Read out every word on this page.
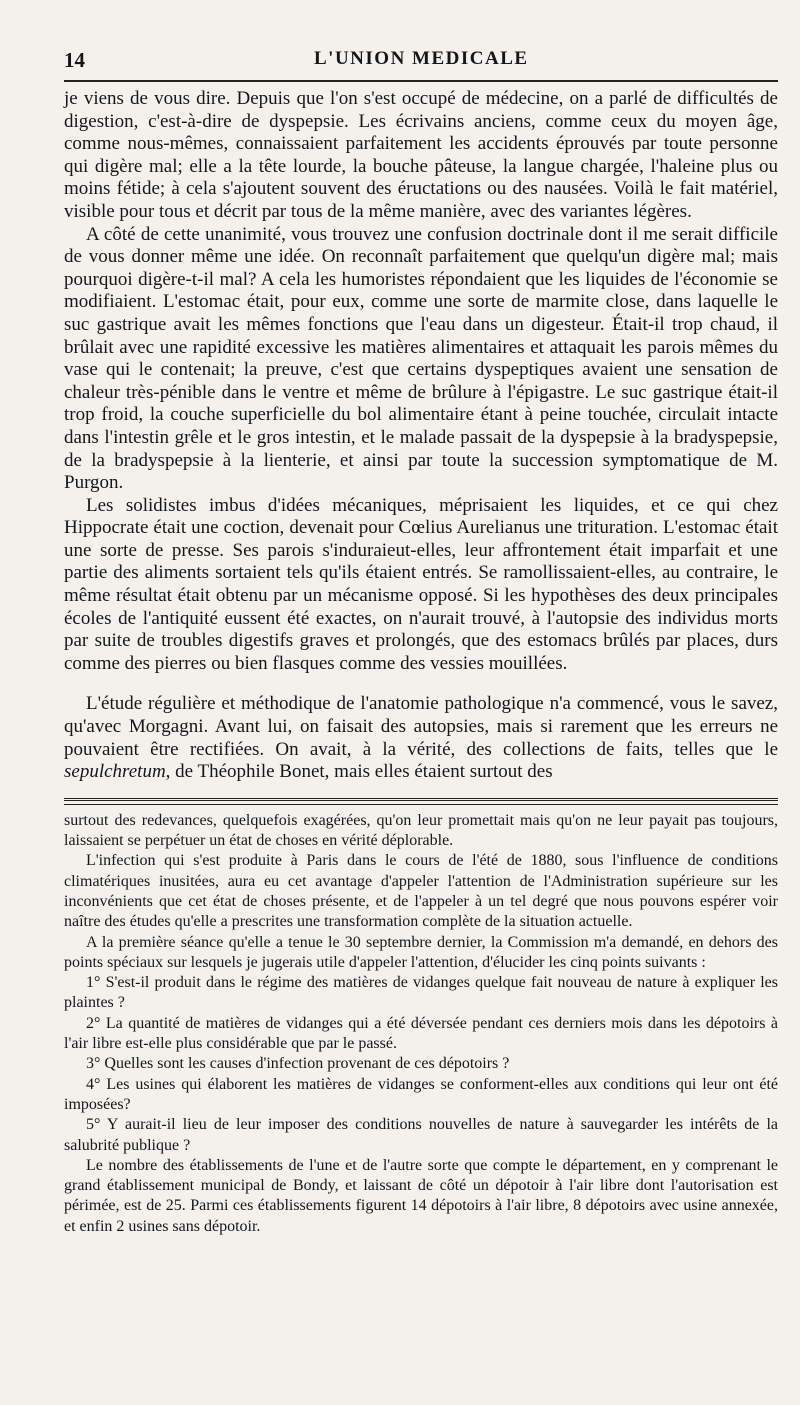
14	L'UNION MEDICALE

je viens de vous dire. Depuis que l'on s'est occupé de médecine, on a parlé de difficultés de digestion, c'est-à-dire de dyspepsie. Les écrivains anciens, comme ceux du moyen âge, comme nous-mêmes, connaissaient parfaitement les accidents éprouvés par toute personne qui digère mal; elle a la tête lourde, la bouche pâteuse, la langue chargée, l'haleine plus ou moins fétide; à cela s'ajoutent souvent des éructations ou des nausées. Voilà le fait matériel, visible pour tous et décrit par tous de la même manière, avec des variantes légères.

A côté de cette unanimité, vous trouvez une confusion doctrinale dont il me serait difficile de vous donner même une idée. On reconnaît parfaitement que quelqu'un digère mal; mais pourquoi digère-t-il mal? A cela les humoristes répondaient que les liquides de l'économie se modifiaient. L'estomac était, pour eux, comme une sorte de marmite close, dans laquelle le suc gastrique avait les mêmes fonctions que l'eau dans un digesteur. Était-il trop chaud, il brûlait avec une rapidité excessive les matières alimentaires et attaquait les parois mêmes du vase qui le contenait; la preuve, c'est que certains dyspeptiques avaient une sensation de chaleur très-pénible dans le ventre et même de brûlure à l'épigastre. Le suc gastrique était-il trop froid, la couche superficielle du bol alimentaire étant à peine touchée, circulait intacte dans l'intestin grêle et le gros intestin, et le malade passait de la dyspepsie à la bradyspepsie, de la bradyspepsie à la lienterie, et ainsi par toute la succession symptomatique de M. Purgon.

Les solidistes imbus d'idées mécaniques, méprisaient les liquides, et ce qui chez Hippocrate était une coction, devenait pour Cœlius Aurelianus une trituration. L'estomac était une sorte de presse. Ses parois s'induraieut-elles, leur affrontement était imparfait et une partie des aliments sortaient tels qu'ils étaient entrés. Se ramollissaient-elles, au contraire, le même résultat était obtenu par un mécanisme opposé. Si les hypothèses des deux principales écoles de l'antiquité eussent été exactes, on n'aurait trouvé, à l'autopsie des individus morts par suite de troubles digestifs graves et prolongés, que des estomacs brûlés par places, durs comme des pierres ou bien flasques comme des vessies mouillées.

L'étude régulière et méthodique de l'anatomie pathologique n'a commencé, vous le savez, qu'avec Morgagni. Avant lui, on faisait des autopsies, mais si rarement que les erreurs ne pouvaient être rectifiées. On avait, à la vérité, des collections de faits, telles que le sepulchretum, de Théophile Bonet, mais elles étaient surtout des

surtout des redevances, quelquefois exagérées, qu'on leur promettait mais qu'on ne leur payait pas toujours, laissaient se perpétuer un état de choses en vérité déplorable.

L'infection qui s'est produite à Paris dans le cours de l'été de 1880, sous l'influence de conditions climatériques inusitées, aura eu cet avantage d'appeler l'attention de l'Administration supérieure sur les inconvénients que cet état de choses présente, et de l'appeler à un tel degré que nous pouvons espérer voir naître des études qu'elle a prescrites une transformation complète de la situation actuelle.

A la première séance qu'elle a tenue le 30 septembre dernier, la Commission m'a demandé, en dehors des points spéciaux sur lesquels je jugerais utile d'appeler l'attention, d'élucider les cinq points suivants :

1° S'est-il produit dans le régime des matières de vidanges quelque fait nouveau de nature à expliquer les plaintes ?

2° La quantité de matières de vidanges qui a été déversée pendant ces derniers mois dans les dépotoirs à l'air libre est-elle plus considérable que par le passé.

3° Quelles sont les causes d'infection provenant de ces dépotoirs ?

4° Les usines qui élaborent les matières de vidanges se conforment-elles aux conditions qui leur ont été imposées?

5° Y aurait-il lieu de leur imposer des conditions nouvelles de nature à sauvegarder les intérêts de la salubrité publique ?

Le nombre des établissements de l'une et de l'autre sorte que compte le département, en y comprenant le grand établissement municipal de Bondy, et laissant de côté un dépotoir à l'air libre dont l'autorisation est périmée, est de 25. Parmi ces établissements figurent 14 dépotoirs à l'air libre, 8 dépotoirs avec usine annexée, et enfin 2 usines sans dépotoir.
